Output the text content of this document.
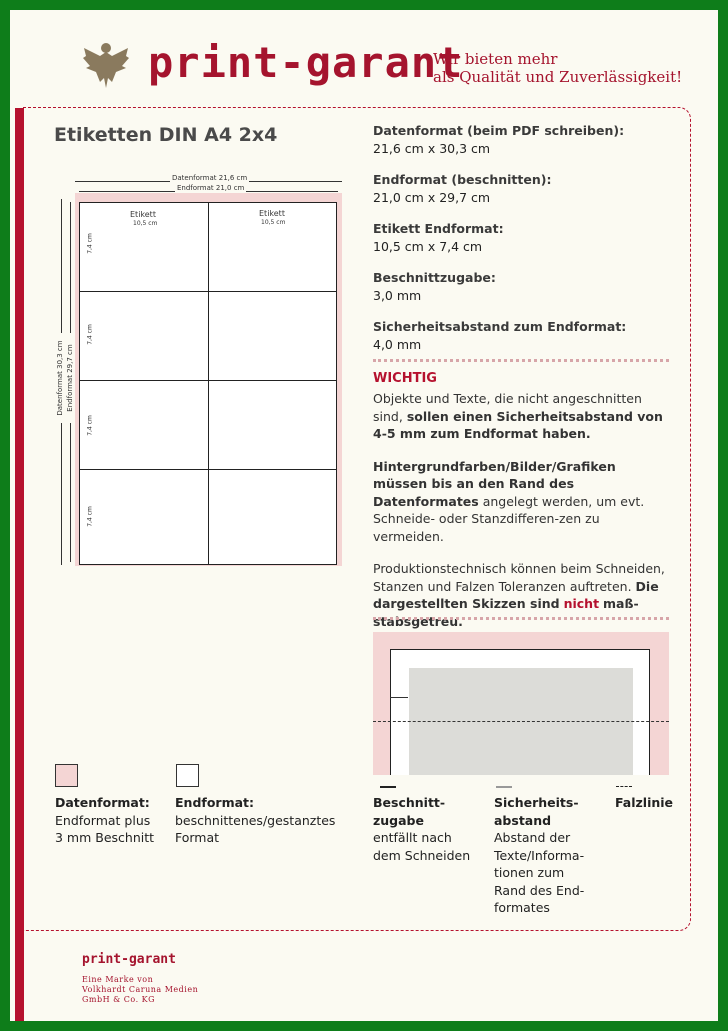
print-garant
Wir bieten mehr
als Qualität und Zuverlässigkeit!
Etiketten DIN A4 2x4
Datenformat 21,6 cm
Endformat 21,0 cm
Datenformat 30,3 cm Endformat 29,7 cm
Etikett
10,5 cm
Etikett
10,5 cm
7,4 cm
7,4 cm
7,4 cm
7,4 cm
Datenformat (beim PDF schreiben):
21,6 cm x 30,3 cm
Endformat (beschnitten):
21,0 cm x 29,7 cm
Etikett Endformat:
10,5 cm x 7,4 cm
Beschnittzugabe:
3,0 mm
Sicherheitsabstand zum Endformat:
4,0 mm
WICHTIG
Objekte und Texte, die nicht angeschnitten sind, sollen einen Sicherheitsabstand von 4-5 mm zum Endformat haben.
Hintergrundfarben/Bilder/Grafiken müssen bis an den Rand des Datenformates angelegt werden, um evt. Schneide- oder Stanzdifferen-zen zu vermeiden.
Produktionstechnisch können beim Schneiden, Stanzen und Falzen Toleranzen auftreten. Die dargestellten Skizzen sind nicht maß-stabsgetreu.
Datenformat:
Endformat plus
3 mm Beschnitt
Endformat:
beschnittenes/gestanztes
Format
Beschnitt-
zugabe
entfällt nach
dem Schneiden
Sicherheits-
abstand
Abstand der
Texte/Informa-
tionen zum
Rand des End-
formates
Falzlinie
print-garant
Eine Marke von
Volkhardt Caruna Medien
GmbH & Co. KG
